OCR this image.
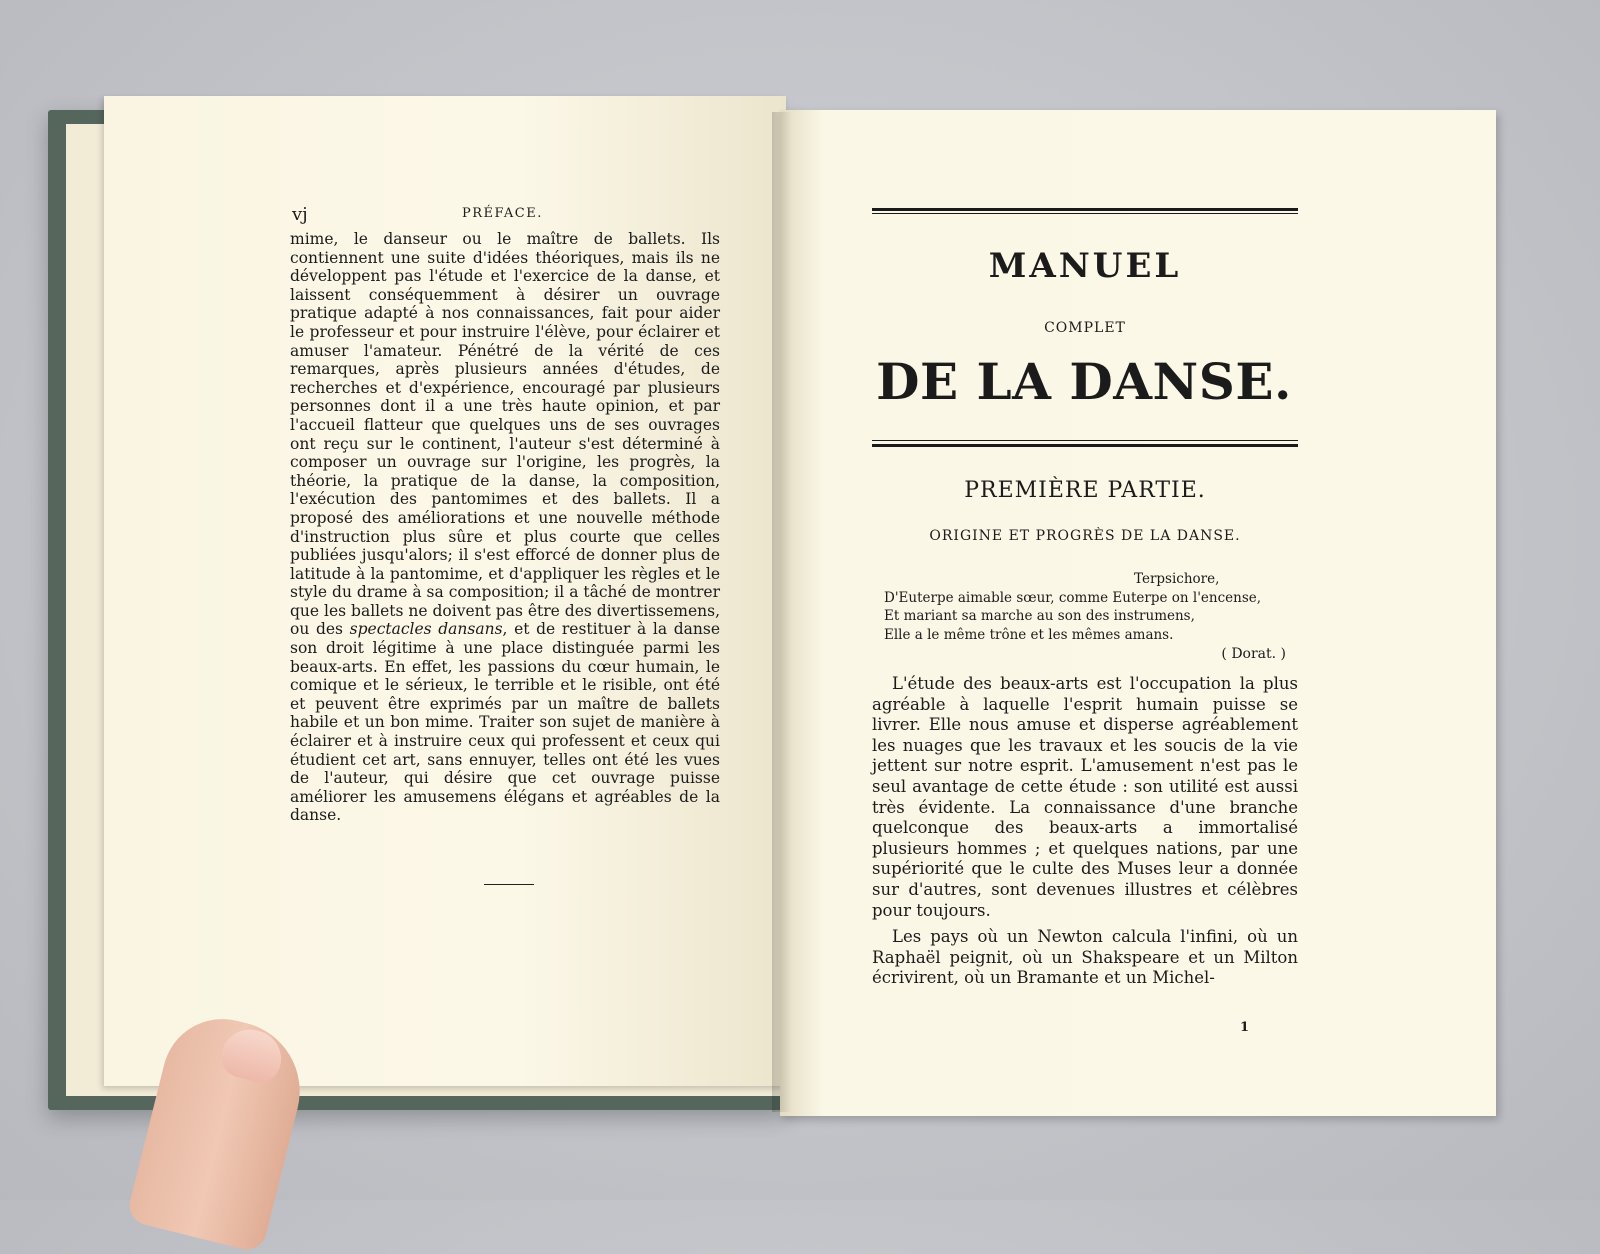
vj	PRÉFACE.

mime, le danseur ou le maître de ballets. Ils contiennent une suite d'idées théoriques, mais ils ne développent pas l'étude et l'exercice de la danse, et laissent conséquemment à désirer un ouvrage pratique adapté à nos connaissances, fait pour aider le professeur et pour instruire l'élève, pour éclairer et amuser l'amateur. Pénétré de la vérité de ces remarques, après plusieurs années d'études, de recherches et d'expérience, encouragé par plusieurs personnes dont il a une très haute opinion, et par l'accueil flatteur que quelques uns de ses ouvrages ont reçu sur le continent, l'auteur s'est déterminé à composer un ouvrage sur l'origine, les progrès, la théorie, la pratique de la danse, la composition, l'exécution des pantomimes et des ballets. Il a proposé des améliorations et une nouvelle méthode d'instruction plus sûre et plus courte que celles publiées jusqu'alors; il s'est efforcé de donner plus de latitude à la pantomime, et d'appliquer les règles et le style du drame à sa composition; il a tâché de montrer que les ballets ne doivent pas être des divertissemens, ou des spectacles dansans, et de restituer à la danse son droit légitime à une place distinguée parmi les beaux-arts. En effet, les passions du cœur humain, le comique et le sérieux, le terrible et le risible, ont été et peuvent être exprimés par un maître de ballets habile et un bon mime. Traiter son sujet de manière à éclairer et à instruire ceux qui professent et ceux qui étudient cet art, sans ennuyer, telles ont été les vues de l'auteur, qui désire que cet ouvrage puisse améliorer les amusemens élégans et agréables de la danse.

MANUEL
COMPLET
DE LA DANSE.
PREMIÈRE PARTIE.
ORIGINE ET PROGRÈS DE LA DANSE.
Terpsichore,
D'Euterpe aimable sœur, comme Euterpe on l'encense,
Et mariant sa marche au son des instrumens,
Elle a le même trône et les mêmes amans.
( Dorat. )

L'étude des beaux-arts est l'occupation la plus agréable à laquelle l'esprit humain puisse se livrer. Elle nous amuse et disperse agréablement les nuages que les travaux et les soucis de la vie jettent sur notre esprit. L'amusement n'est pas le seul avantage de cette étude : son utilité est aussi très évidente. La connaissance d'une branche quelconque des beaux-arts a immortalisé plusieurs hommes ; et quelques nations, par une supériorité que le culte des Muses leur a donnée sur d'autres, sont devenues illustres et célèbres pour toujours.

Les pays où un Newton calcula l'infini, où un Raphaël peignit, où un Shakspeare et un Milton écrivirent, où un Bramante et un Michel-

1
